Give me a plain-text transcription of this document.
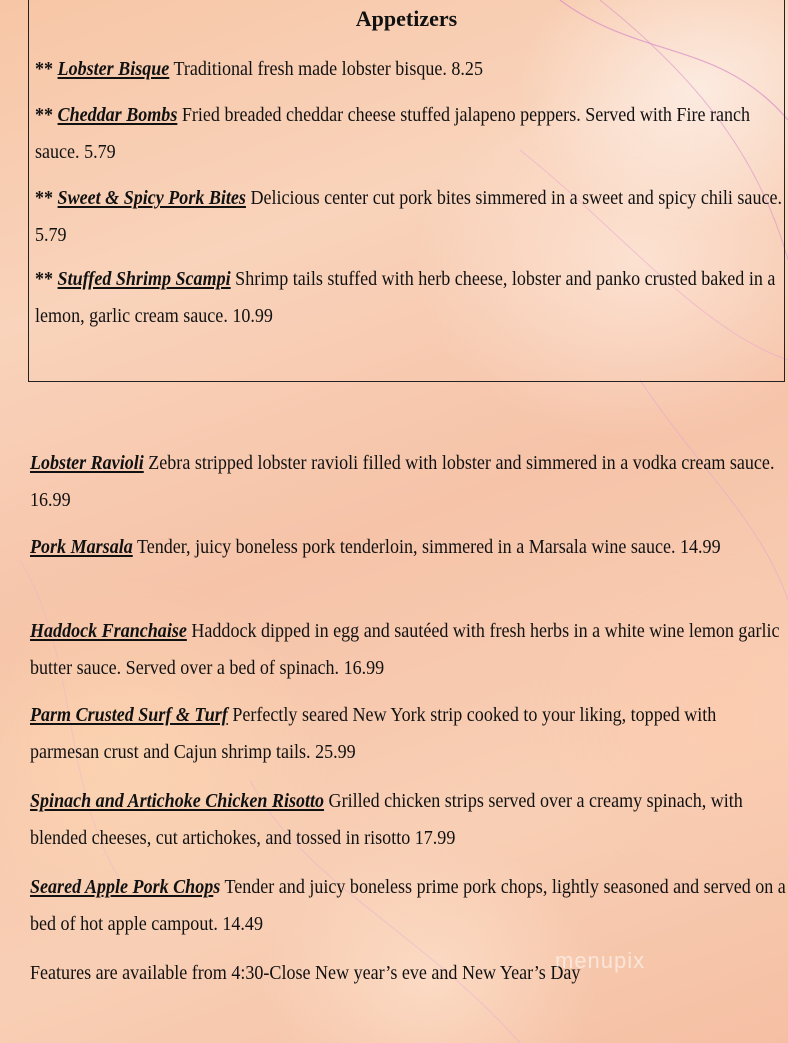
Appetizers

** Lobster Bisque Traditional fresh made lobster bisque. 8.25

** Cheddar Bombs Fried breaded cheddar cheese stuffed jalapeno peppers. Served with Fire ranch sauce. 5.79

** Sweet & Spicy Pork Bites Delicious center cut pork bites simmered in a sweet and spicy chili sauce. 5.79

** Stuffed Shrimp Scampi Shrimp tails stuffed with herb cheese, lobster and panko crusted baked in a lemon, garlic cream sauce. 10.99

Lobster Ravioli Zebra stripped lobster ravioli filled with lobster and simmered in a vodka cream sauce. 16.99

Pork Marsala Tender, juicy boneless pork tenderloin, simmered in a Marsala wine sauce. 14.99

Haddock Franchaise Haddock dipped in egg and sautéed with fresh herbs in a white wine lemon garlic butter sauce. Served over a bed of spinach. 16.99

Parm Crusted Surf & Turf Perfectly seared New York strip cooked to your liking, topped with parmesan crust and Cajun shrimp tails. 25.99

Spinach and Artichoke Chicken Risotto Grilled chicken strips served over a creamy spinach, with blended cheeses, cut artichokes, and tossed in risotto 17.99

Seared Apple Pork Chops Tender and juicy boneless prime pork chops, lightly seasoned and served on a bed of hot apple campout. 14.49

Features are available from 4:30-Close New year’s eve and New Year’s Day

menupix
